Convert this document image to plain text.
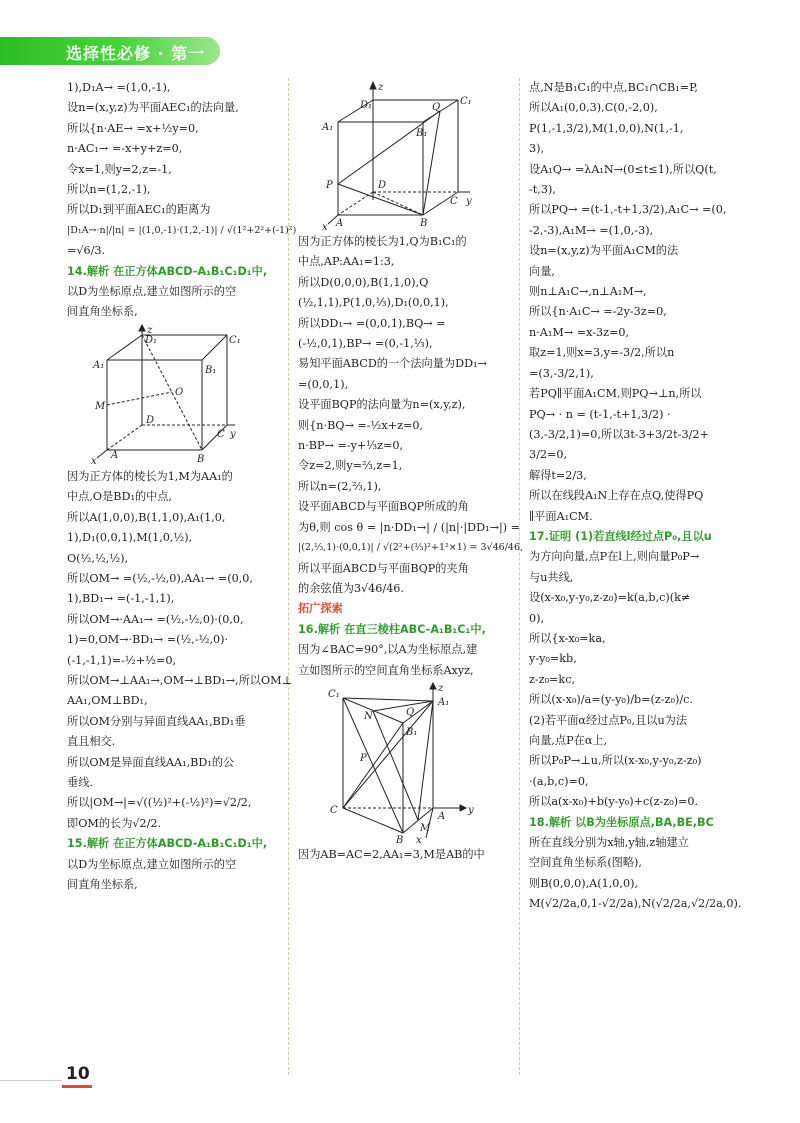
选择性必修 · 第一册
1),D₁A→ =(1,0,-1),
设n=(x,y,z)为平面AEC₁的法向量,
所以{n·AE→ =x+½y=0,
n·AC₁→ =-x+y+z=0,
令x=1,则y=2,z=-1,
所以n=(1,2,-1),
所以D₁到平面AEC₁的距离为
|D₁A→·n|/|n| = |(1,0,-1)·(1,2,-1)| / √(1²+2²+(-1)²)
=√6/3.
14.解析 在正方体ABCD-A₁B₁C₁D₁中,
以D为坐标原点,建立如图所示的空
间直角坐标系,
C₁
D₁
A₁	B₁
O
M
D
C y
A	B
x
z
因为正方体的棱长为1,M为AA₁的
中点,O是BD₁的中点,
所以A(1,0,0),B(1,1,0),A₁(1,0,
1),D₁(0,0,1),M(1,0,½),
O(½,½,½),
所以OM→ =(½,-½,0),AA₁→ =(0,0,
1),BD₁→ =(-1,-1,1),
所以OM→·AA₁→ =(½,-½,0)·(0,0,
1)=0,OM→·BD₁→ =(½,-½,0)·
(-1,-1,1)=-½+½=0,
所以OM→⊥AA₁→,OM→⊥BD₁→,所以OM⊥
AA₁,OM⊥BD₁,
所以OM分别与异面直线AA₁,BD₁垂
直且相交.
所以OM是异面直线AA₁,BD₁的公
垂线.
所以|OM→|=√((½)²+(-½)²)=√2/2,
即OM的长为√2/2.
15.解析 在正方体ABCD-A₁B₁C₁D₁中,
以D为坐标原点,建立如图所示的空
间直角坐标系,
z
D₁	C₁
A₁
Q
B₁
P	D
C y
A	B
x
因为正方体的棱长为1,Q为B₁C₁的
中点,AP:AA₁=1:3,
所以D(0,0,0),B(1,1,0),Q
(½,1,1),P(1,0,⅓),D₁(0,0,1),
所以DD₁→ =(0,0,1),BQ→ =
(-½,0,1),BP→ =(0,-1,⅓),
易知平面ABCD的一个法向量为DD₁→
=(0,0,1),
设平面BQP的法向量为n=(x,y,z),
则{n·BQ→ =-½x+z=0,
n·BP→ =-y+⅓z=0,
令z=2,则y=⅔,z=1,
所以n=(2,⅔,1),
设平面ABCD与平面BQP所成的角
为θ,则 cos θ = |n·DD₁→| / (|n|·|DD₁→|) =
|(2,⅓,1)·(0,0,1)| / √(2²+(⅓)²+1²×1) = 3√46/46,
所以平面ABCD与平面BQP的夹角
的余弦值为3√46/46.
拓广探索
16.解析 在直三棱柱ABC-A₁B₁C₁中,
因为∠BAC=90°,以A为坐标原点,建
立如图所示的空间直角坐标系Axyz,
C₁
A₁
N	Q
B₁
P
C
A
M
B x
y
z
因为AB=AC=2,AA₁=3,M是AB的中
点,N是B₁C₁的中点,BC₁∩CB₁=P,
所以A₁(0,0,3),C(0,-2,0),
P(1,-1,3/2),M(1,0,0),N(1,-1,
3),
设A₁Q→ =λA₁N→(0≤t≤1),所以Q(t,
-t,3),
所以PQ→ =(t-1,-t+1,3/2),A₁C→ =(0,
-2,-3),A₁M→ =(1,0,-3),
设n=(x,y,z)为平面A₁CM的法
向量,
则n⊥A₁C→,n⊥A₁M→,
所以{n·A₁C→ =-2y-3z=0,
n·A₁M→ =x-3z=0,
取z=1,则x=3,y=-3/2,所以n
=(3,-3/2,1),
若PQ∥平面A₁CM,则PQ→⊥n,所以
PQ→ · n = (t-1,-t+1,3/2) ·
(3,-3/2,1)=0,所以3t-3+3/2t-3/2+
3/2=0,
解得t=2/3,
所以在线段A₁N上存在点Q,使得PQ
∥平面A₁CM.
17.证明 (1)若直线l经过点P₀,且以u
为方向向量,点P在l上,则向量P₀P→
与u共线,
设(x-x₀,y-y₀,z-z₀)=k(a,b,c)(k≠
0),
所以{x-x₀=ka,
y-y₀=kb,
z-z₀=kc,
所以(x-x₀)/a=(y-y₀)/b=(z-z₀)/c.
(2)若平面α经过点P₀,且以u为法
向量,点P在α上,
所以P₀P→⊥u,所以(x-x₀,y-y₀,z-z₀)
·(a,b,c)=0,
所以a(x-x₀)+b(y-y₀)+c(z-z₀)=0.
18.解析 以B为坐标原点,BA,BE,BC
所在直线分别为x轴,y轴,z轴建立
空间直角坐标系(图略),
则B(0,0,0),A(1,0,0),
M(√2/2a,0,1-√2/2a),N(√2/2a,√2/2a,0).
10
